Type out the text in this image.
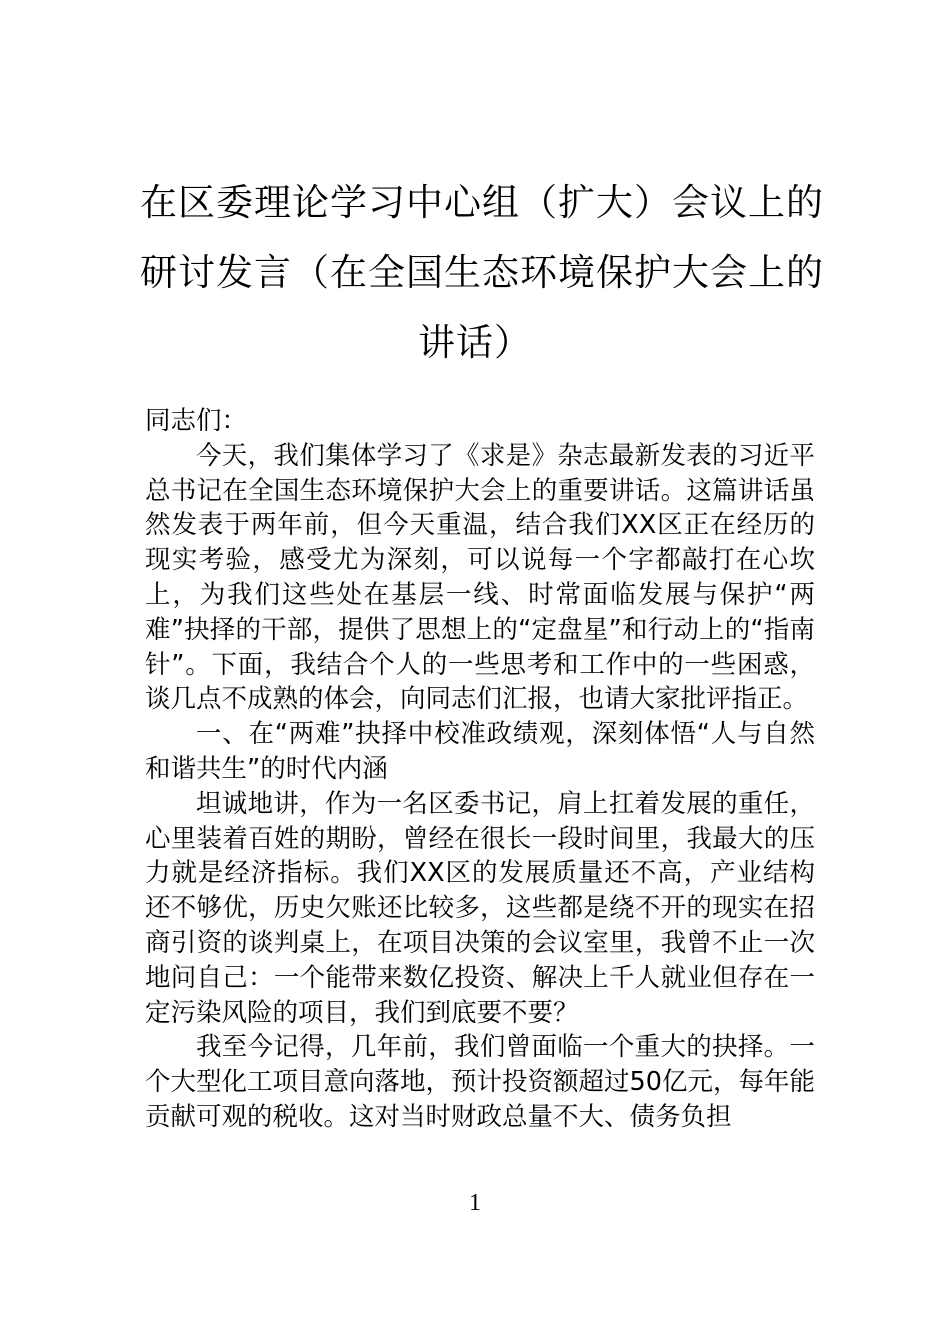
在区委理论学习中心组（扩大）会议上的
研讨发言（在全国生态环境保护大会上的
讲话）

同志们：

今天，我们集体学习了《求是》杂志最新发表的习近平总书记在全国生态环境保护大会上的重要讲话。这篇讲话虽然发表于两年前，但今天重温，结合我们XX区正在经历的现实考验，感受尤为深刻，可以说每一个字都敲打在心坎上，为我们这些处在基层一线、时常面临发展与保护“两难”抉择的干部，提供了思想上的“定盘星”和行动上的“指南针”。下面，我结合个人的一些思考和工作中的一些困惑，谈几点不成熟的体会，向同志们汇报，也请大家批评指正。

一、在“两难”抉择中校准政绩观，深刻体悟“人与自然和谐共生”的时代内涵

坦诚地讲，作为一名区委书记，肩上扛着发展的重任，心里装着百姓的期盼，曾经在很长一段时间里，我最大的压力就是经济指标。我们XX区的发展质量还不高，产业结构还不够优，历史欠账还比较多，这些都是绕不开的现实在招商引资的谈判桌上，在项目决策的会议室里，我曾不止一次地问自己：一个能带来数亿投资、解决上千人就业但存在一定污染风险的项目，我们到底要不要？

我至今记得，几年前，我们曾面临一个重大的抉择。一个大型化工项目意向落地，预计投资额超过50亿元，每年能贡献可观的税收。这对当时财政总量不大、债务负担

1
